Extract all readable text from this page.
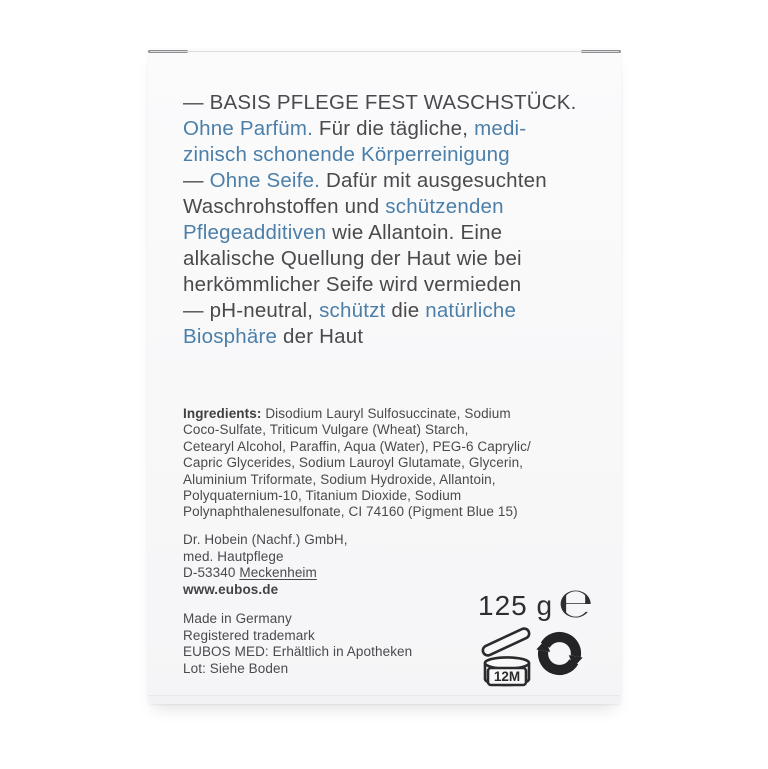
— BASIS PFLEGE FEST WASCHSTÜCK.
Ohne Parfüm. Für die tägliche, medi-
zinisch schonende Körperreinigung
— Ohne Seife. Dafür mit ausgesuchten
Waschrohstoffen und schützenden
Pflegeadditiven wie Allantoin. Eine
alkalische Quellung der Haut wie bei
herkömmlicher Seife wird vermieden
— pH-neutral, schützt die natürliche
Biosphäre der Haut
Ingredients: Disodium Lauryl Sulfosuccinate, Sodium
Coco-Sulfate, Triticum Vulgare (Wheat) Starch,
Cetearyl Alcohol, Paraffin, Aqua (Water), PEG-6 Caprylic/
Capric Glycerides, Sodium Lauroyl Glutamate, Glycerin,
Aluminium Triformate, Sodium Hydroxide, Allantoin,
Polyquaternium-10, Titanium Dioxide, Sodium
Polynaphthalenesulfonate, CI 74160 (Pigment Blue 15)
Dr. Hobein (Nachf.) GmbH,
med. Hautpflege
D-53340 Meckenheim
www.eubos.de
Made in Germany
Registered trademark
EUBOS MED: Erhältlich in Apotheken
Lot: Siehe Boden
125 g ℮
12M
